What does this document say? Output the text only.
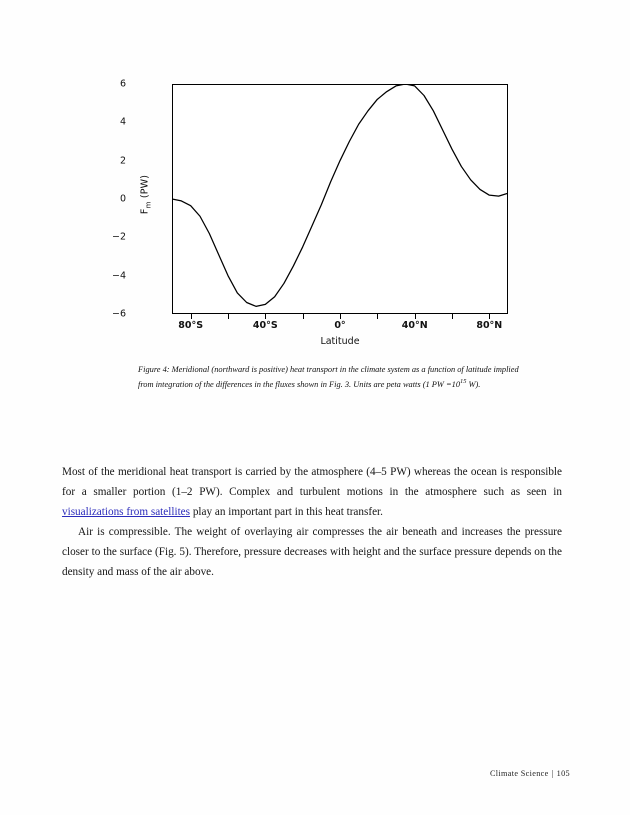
$F_m$ (PW)
6
4
2
0
−2
−4
−6
80°S	40°S	0°	40°N	80°N
Latitude
Figure 4: Meridional (northward is positive) heat transport in the climate system as a function of latitude implied from integration of the differences in the fluxes shown in Fig. 3. Units are peta watts (1 PW $=10^{15}$ W).

Most of the meridional heat transport is carried by the atmosphere (4–5 PW) whereas the ocean is responsible for a smaller portion (1–2 PW). Complex and turbulent motions in the atmosphere such as seen in visualizations from satellites play an important part in this heat transfer.

Air is compressible. The weight of overlaying air compresses the air beneath and increases the pressure closer to the surface (Fig. 5). Therefore, pressure decreases with height and the surface pressure depends on the density and mass of the air above.

Climate Science | 105
